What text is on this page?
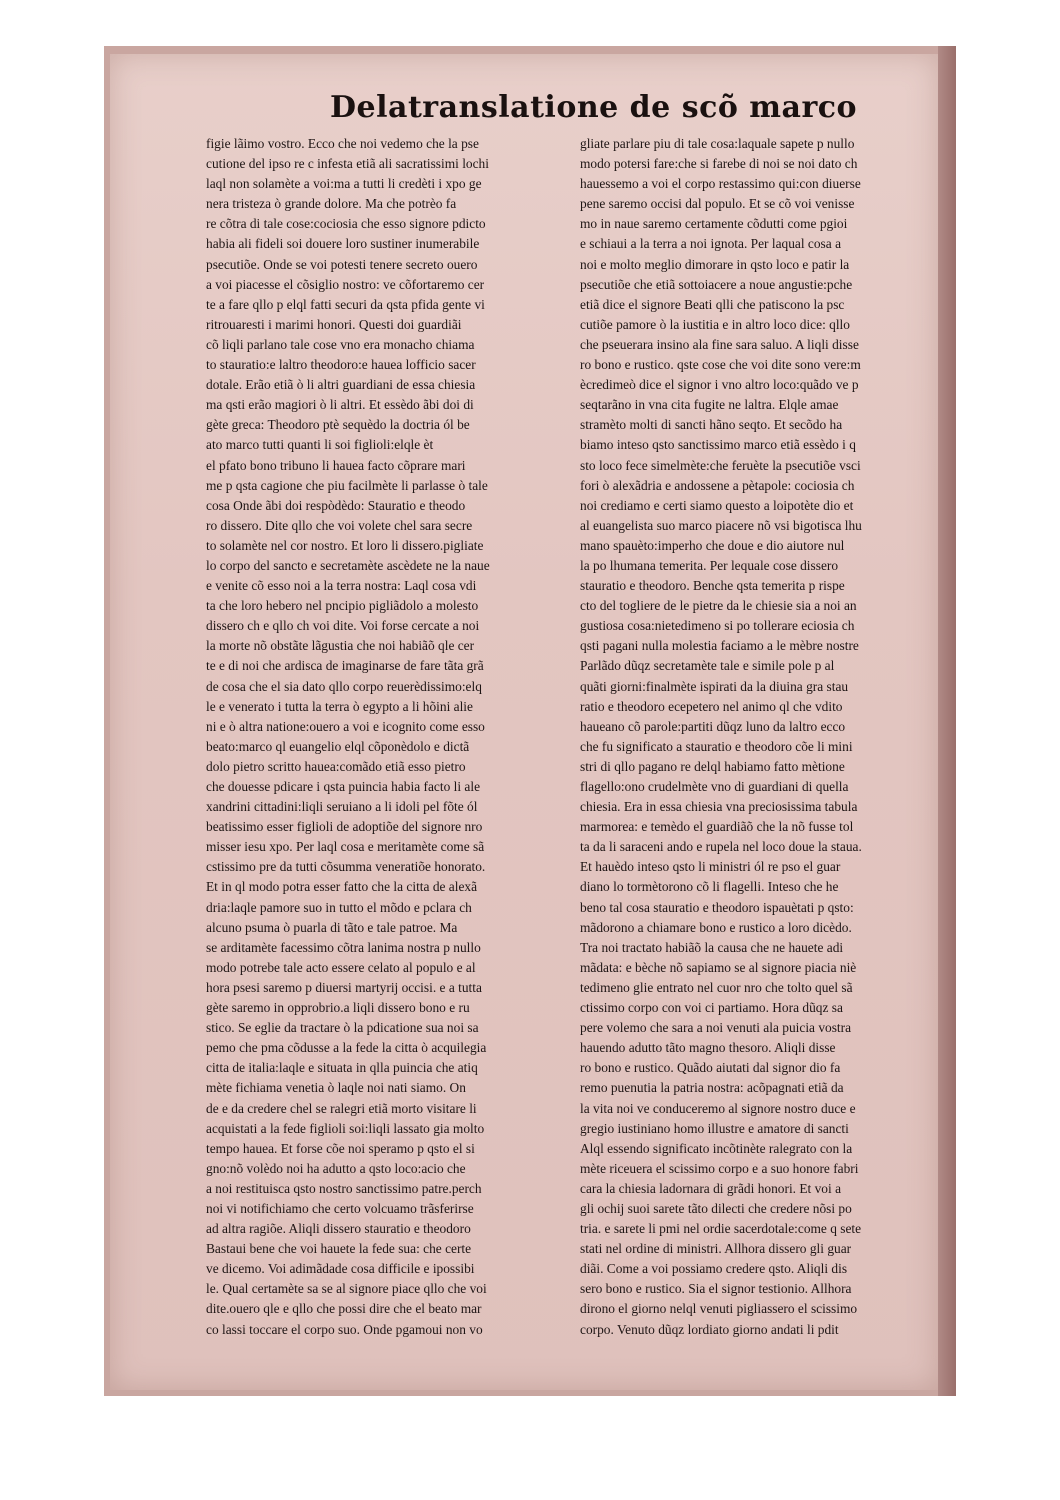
Delatranslatione de scõ marco
figie lãimo vostro. Ecco che noi vedemo che la pse
cutione del ipso re c infesta etiã ali sacratissimi lochi
laql non solamète a voi:ma a tutti li credèti i xpo ge
nera tristeza ò grande dolore. Ma che potrèo fa
re cõtra di tale cose:cociosia che esso signore pdicto
habia ali fideli soi douere loro sustiner inumerabile
psecutiõe. Onde se voi potesti tenere secreto ouero
a voi piacesse el cõsiglio nostro: ve cõfortaremo cer
te a fare qllo p elql fatti securi da qsta pfida gente vi
ritrouaresti i marimi honori. Questi doi guardiãi
cõ liqli parlano tale cose vno era monacho chiama
to stauratio:e laltro theodoro:e hauea lofficio sacer
dotale. Erão etiã ò li altri guardiani de essa chiesia
ma qsti erão magiori ò li altri. Et essèdo ãbi doi di
gète greca: Theodoro ptè sequèdo la doctria ól be
ato marco tutti quanti li soi figlioli:elqle èt
el pfato bono tribuno li hauea facto cõprare mari
me p qsta cagione che piu facilmète li parlasse ò tale
cosa Onde ãbi doi respòdèdo: Stauratio e theodo
ro dissero. Dite qllo che voi volete chel sara secre
to solamète nel cor nostro. Et loro li dissero.pigliate
lo corpo del sancto e secretamète ascèdete ne la naue
e venite cõ esso noi a la terra nostra: Laql cosa vdi
ta che loro hebero nel pncipio pigliãdolo a molesto
dissero ch e qllo ch voi dite. Voi forse cercate a noi
la morte nõ obstãte lãgustia che noi habiãõ qle cer
te e di noi che ardisca de imaginarse de fare tãta grã
de cosa che el sia dato qllo corpo reuerèdissimo:elq
le e venerato i tutta la terra ò egypto a li hõini alie
ni e ò altra natione:ouero a voi e icognito come esso
beato:marco ql euangelio elql cõponèdolo e dictã
dolo pietro scritto hauea:comãdo etiã esso pietro
che douesse pdicare i qsta puincia habia facto li ale
xandrini cittadini:liqli seruiano a li idoli pel fõte ól
beatissimo esser figlioli de adoptiõe del signore nro
misser iesu xpo. Per laql cosa e meritamète come sã
cstissimo pre da tutti cõsumma veneratiõe honorato.
Et in ql modo potra esser fatto che la citta de alexã
dria:laqle pamore suo in tutto el mõdo e pclara ch
alcuno psuma ò puarla di tãto e tale patroe. Ma
se arditamète facessimo cõtra lanima nostra p nullo
modo potrebe tale acto essere celato al populo e al
hora psesi saremo p diuersi martyrij occisi. e a tutta
gète saremo in opprobrio.a liqli dissero bono e ru
stico. Se eglie da tractare ò la pdicatione sua noi sa
pemo che pma cõdusse a la fede la citta ò acquilegia
citta de italia:laqle e situata in qlla puincia che atiq
mète fichiama venetia ò laqle noi nati siamo. On
de e da credere chel se ralegri etiã morto visitare li
acquistati a la fede figlioli soi:liqli lassato gia molto
tempo hauea. Et forse cõe noi speramo p qsto el si
gno:nõ volèdo noi ha adutto a qsto loco:acio che
a noi restituisca qsto nostro sanctissimo patre.perch
noi vi notifichiamo che certo volcuamo trãsferirse
ad altra ragiõe. Aliqli dissero stauratio e theodoro
Bastaui bene che voi hauete la fede sua: che certe
ve dicemo. Voi adimãdade cosa difficile e ipossibi
le. Qual certamète sa se al signore piace qllo che voi
dite.ouero qle e qllo che possi dire che el beato mar
co lassi toccare el corpo suo. Onde pgamoui non vo
gliate parlare piu di tale cosa:laquale sapete p nullo
modo potersi fare:che si farebe di noi se noi dato ch
hauessemo a voi el corpo restassimo qui:con diuerse
pene saremo occisi dal populo. Et se cõ voi venisse
mo in naue saremo certamente cõdutti come pgioi
e schiaui a la terra a noi ignota. Per laqual cosa a
noi e molto meglio dimorare in qsto loco e patir la
psecutiõe che etiã sottoiacere a noue angustie:pche
etiã dice el signore Beati qlli che patiscono la psc
cutiõe pamore ò la iustitia e in altro loco dice: qllo
che pseuerara insino ala fine sara saluo. A liqli disse
ro bono e rustico. qste cose che voi dite sono vere:m
ècredimeò dice el signor i vno altro loco:quãdo ve p
seqtarãno in vna cita fugite ne laltra. Elqle amae
stramèto molti di sancti hãno seqto. Et secõdo ha
biamo inteso qsto sanctissimo marco etiã essèdo i q
sto loco fece simelmète:che feruète la psecutiõe vsci
fori ò alexãdria e andossene a pètapole: cociosia ch
noi crediamo e certi siamo questo a loipotète dio et
al euangelista suo marco piacere nõ vsi bigotisca lhu
mano spauèto:imperho che doue e dio aiutore nul
la po lhumana temerita. Per lequale cose dissero
stauratio e theodoro. Benche qsta temerita p rispe
cto del togliere de le pietre da le chiesie sia a noi an
gustiosa cosa:nietedimeno si po tollerare eciosia ch
qsti pagani nulla molestia faciamo a le mèbre nostre
Parlãdo dũqz secretamète tale e simile pole p al
quãti giorni:finalmète ispirati da la diuina gra stau
ratio e theodoro ecepetero nel animo ql che vdito
haueano cõ parole:partiti dũqz luno da laltro ecco
che fu significato a stauratio e theodoro cõe li mini
stri di qllo pagano re delql habiamo fatto mètione
flagello:ono crudelmète vno di guardiani di quella
chiesia. Era in essa chiesia vna preciosissima tabula
marmorea: e temèdo el guardiãõ che la nõ fusse tol
ta da li saraceni ando e rupela nel loco doue la staua.
Et hauèdo inteso qsto li ministri ól re pso el guar
diano lo tormètorono cõ li flagelli. Inteso che he
beno tal cosa stauratio e theodoro ispauètati p qsto:
mãdorono a chiamare bono e rustico a loro dicèdo.
Tra noi tractato habiãõ la causa che ne hauete adi
mãdata: e bèche nõ sapiamo se al signore piacia niè
tedimeno glie entrato nel cuor nro che tolto quel sã
ctissimo corpo con voi ci partiamo. Hora dũqz sa
pere volemo che sara a noi venuti ala puicia vostra
hauendo adutto tãto magno thesoro. Aliqli disse
ro bono e rustico. Quãdo aiutati dal signor dio fa
remo puenutia la patria nostra: acõpagnati etiã da
la vita noi ve conduceremo al signore nostro duce e
gregio iustiniano homo illustre e amatore di sancti
Alql essendo significato incõtinète ralegrato con la
mète riceuera el scissimo corpo e a suo honore fabri
cara la chiesia ladornara di grãdi honori. Et voi a
gli ochij suoi sarete tãto dilecti che credere nõsi po
tria. e sarete li pmi nel ordie sacerdotale:come q sete
stati nel ordine di ministri. Allhora dissero gli guar
diãi. Come a voi possiamo credere qsto. Aliqli dis
sero bono e rustico. Sia el signor testionio. Allhora
dirono el giorno nelql venuti pigliassero el scissimo
corpo. Venuto dũqz lordiato giorno andati li pdit
